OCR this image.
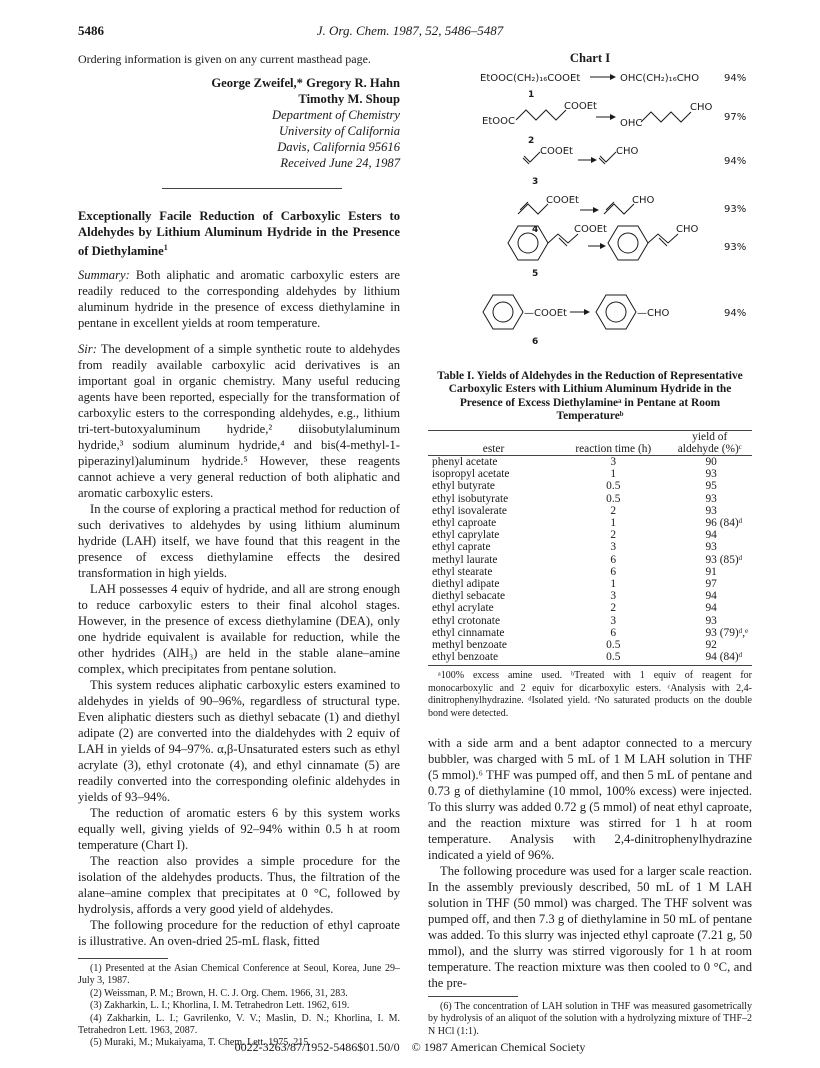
5486	J. Org. Chem. 1987, 52, 5486–5487

Ordering information is given on any current masthead page.

George Zweifel,* Gregory R. Hahn
Timothy M. Shoup
Department of Chemistry
University of California
Davis, California 95616
Received June 24, 1987

Exceptionally Facile Reduction of Carboxylic Esters to Aldehydes by Lithium Aluminum Hydride in the Presence of Diethylamine$^1$

Summary: Both aliphatic and aromatic carboxylic esters are readily reduced to the corresponding aldehydes by lithium aluminum hydride in the presence of excess diethylamine in pentane in excellent yields at room temperature.

Sir: The development of a simple synthetic route to aldehydes from readily available carboxylic acid derivatives is an important goal in organic chemistry. Many useful reducing agents have been reported, especially for the transformation of carboxylic esters to the corresponding aldehydes, e.g., lithium tri-tert-butoxyaluminum hydride,² diisobutylaluminum hydride,³ sodium aluminum hydride,⁴ and bis(4-methyl-1-piperazinyl)aluminum hydride.⁵ However, these reagents cannot achieve a very general reduction of both aliphatic and aromatic carboxylic esters.

In the course of exploring a practical method for reduction of such derivatives to aldehydes by using lithium aluminum hydride (LAH) itself, we have found that this reagent in the presence of excess diethylamine effects the desired transformation in high yields.

LAH possesses 4 equiv of hydride, and all are strong enough to reduce carboxylic esters to their final alcohol stages. However, in the presence of excess diethylamine (DEA), only one hydride equivalent is available for reduction, while the other hydrides (AlH₃) are held in the stable alane–amine complex, which precipitates from pentane solution.

This system reduces aliphatic carboxylic esters examined to aldehydes in yields of 90–96%, regardless of structural type. Even aliphatic diesters such as diethyl sebacate (1) and diethyl adipate (2) are converted into the dialdehydes with 2 equiv of LAH in yields of 94–97%. α,β-Unsaturated esters such as ethyl acrylate (3), ethyl crotonate (4), and ethyl cinnamate (5) are readily converted into the corresponding olefinic aldehydes in yields of 93–94%.

The reduction of aromatic esters 6 by this system works equally well, giving yields of 92–94% within 0.5 h at room temperature (Chart I).

The reaction also provides a simple procedure for the isolation of the aldehydes products. Thus, the filtration of the alane–amine complex that precipitates at 0 °C, followed by hydrolysis, affords a very good yield of aldehydes.

The following procedure for the reduction of ethyl caproate is illustrative. An oven-dried 25-mL flask, fitted

(1) Presented at the Asian Chemical Conference at Seoul, Korea, June 29–July 3, 1987.
(2) Weissman, P. M.; Brown, H. C. J. Org. Chem. 1966, 31, 283.
(3) Zakharkin, L. I.; Khorlina, I. M. Tetrahedron Lett. 1962, 619.
(4) Zakharkin, L. I.; Gavrilenko, V. V.; Maslin, D. N.; Khorlina, I. M. Tetrahedron Lett. 1963, 2087.
(5) Muraki, M.; Mukaiyama, T. Chem. Lett. 1975, 215.
Chart I
EtOOC(CH₂)₁₆COOEt	OHC(CH₂)₁₆CHO 94%
1
EtOOC
COOEt
OHC
CHO
97%
2
COOEt	CHO
94%
3
COOEt	CHO
93%
4	COOEt	CHO
93%
5
—COOEt	—CHO	94%
6

Table I. Yields of Aldehydes in the Reduction of Representative Carboxylic Esters with Lithium Aluminum Hydride in the Presence of Excess Diethylamineᵃ in Pentane at Room Temperatureᵇ

ester	reaction time (h)	yield of aldehyde (%)ᶜ
phenyl acetate	3	90
isopropyl acetate	1	93
ethyl butyrate	0.5	95
ethyl isobutyrate	0.5	93
ethyl isovalerate	2	93
ethyl caproate	1	96 (84)ᵈ
ethyl caprylate	2	94
ethyl caprate	3	93
methyl laurate	6	93 (85)ᵈ
ethyl stearate	6	91
diethyl adipate	1	97
diethyl sebacate	3	94
ethyl acrylate	2	94
ethyl crotonate	3	93
ethyl cinnamate	6	93 (79)ᵈ,ᵉ
methyl benzoate	0.5	92
ethyl benzoate	0.5	94 (84)ᵈ

ᵃ100% excess amine used. ᵇTreated with 1 equiv of reagent for monocarboxylic and 2 equiv for dicarboxylic esters. ᶜAnalysis with 2,4-dinitrophenylhydrazine. ᵈIsolated yield. ᵉNo saturated products on the double bond were detected.

with a side arm and a bent adaptor connected to a mercury bubbler, was charged with 5 mL of 1 M LAH solution in THF (5 mmol).⁶ THF was pumped off, and then 5 mL of pentane and 0.73 g of diethylamine (10 mmol, 100% excess) were injected. To this slurry was added 0.72 g (5 mmol) of neat ethyl caproate, and the reaction mixture was stirred for 1 h at room temperature. Analysis with 2,4-dinitrophenylhydrazine indicated a yield of 96%.

The following procedure was used for a larger scale reaction. In the assembly previously described, 50 mL of 1 M LAH solution in THF (50 mmol) was charged. The THF solvent was pumped off, and then 7.3 g of diethylamine in 50 mL of pentane was added. To this slurry was injected ethyl caproate (7.21 g, 50 mmol), and the slurry was stirred vigorously for 1 h at room temperature. The reaction mixture was then cooled to 0 °C, and the pre-

(6) The concentration of LAH solution in THF was measured gasometrically by hydrolysis of an aliquot of the solution with a hydrolyzing mixture of THF–2 N HCl (1:1).
0022-3263/87/1952-5486$01.50/0 © 1987 American Chemical Society
